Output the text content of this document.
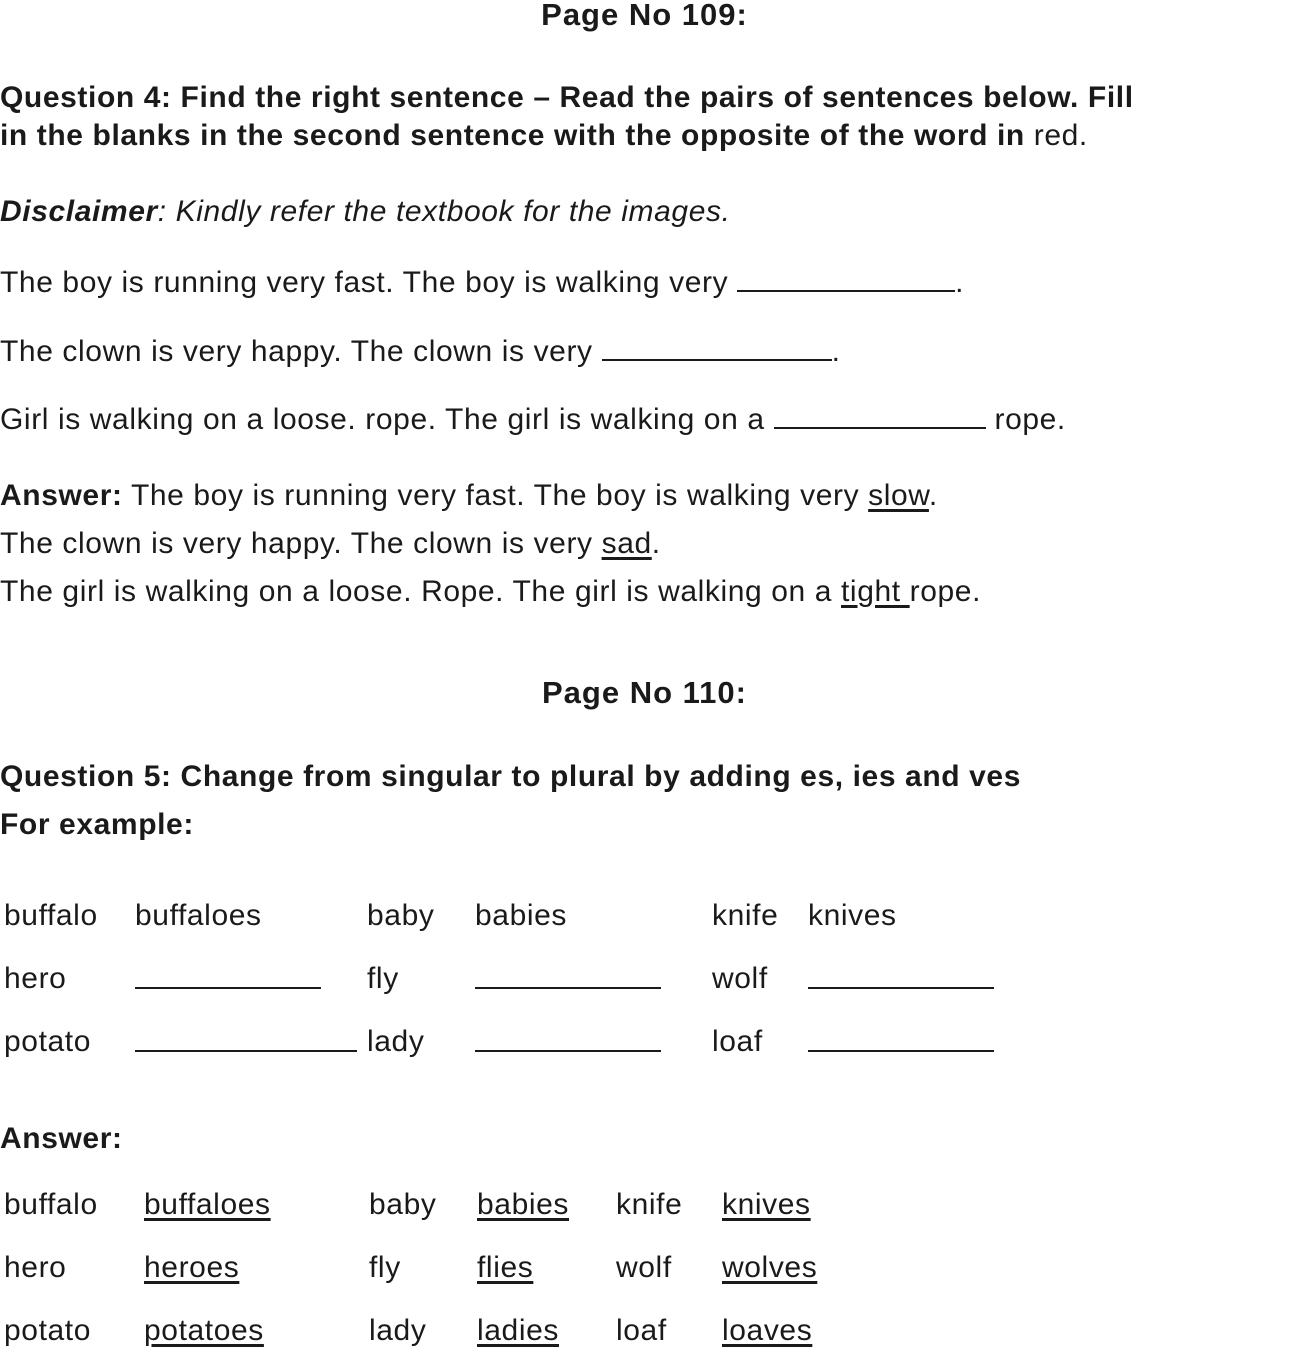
Page No 109:
Question 4: Find the right sentence – Read the pairs of sentences below. Fill
in the blanks in the second sentence with the opposite of the word in red.
Disclaimer: Kindly refer the textbook for the images.
The boy is running very fast. The boy is walking very	.
The clown is very happy. The clown is very	.
Girl is walking on a loose. rope. The girl is walking on a	rope.
Answer: The boy is running very fast. The boy is walking very slow.
The clown is very happy. The clown is very sad.
The girl is walking on a loose. Rope. The girl is walking on a tight rope.
Page No 110:
Question 5: Change from singular to plural by adding es, ies and ves
For example:
buffalo buffaloes	baby babies	knife knives
hero	fly	wolf
potato	lady	loaf
Answer:
buffalo buffaloes	baby babies knife knives
hero	heroes	fly	flies	wolf wolves
potato potatoes	lady ladies loaf loaves
